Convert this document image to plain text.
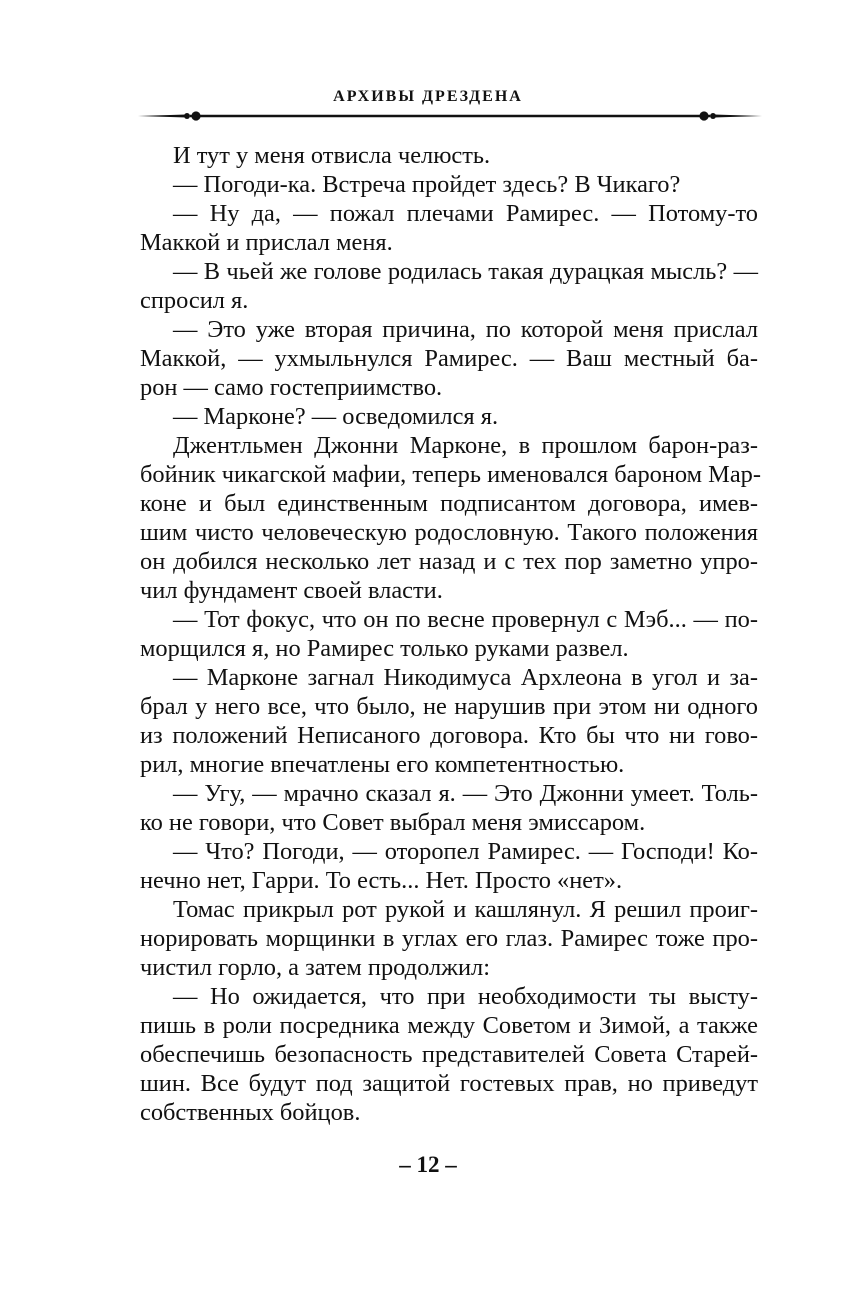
АРХИВЫ ДРЕЗДЕНА
И тут у меня отвисла челюсть.
— Погоди-ка. Встреча пройдет здесь? В Чикаго?
— Ну да, — пожал плечами Рамирес. — Потому-то
Маккой и прислал меня.
— В чьей же голове родилась такая дурацкая мысль? —
спросил я.
— Это уже вторая причина, по которой меня прислал
Маккой, — ухмыльнулся Рамирес. — Ваш местный ба-
рон — само гостеприимство.
— Марконе? — осведомился я.
Джентльмен Джонни Марконе, в прошлом барон-раз-
бойник чикагской мафии, теперь именовался бароном Мар-
коне и был единственным подписантом договора, имев-
шим чисто человеческую родословную. Такого положения
он добился несколько лет назад и с тех пор заметно упро-
чил фундамент своей власти.
— Тот фокус, что он по весне провернул с Мэб... — по-
морщился я, но Рамирес только руками развел.
— Марконе загнал Никодимуса Архлеона в угол и за-
брал у него все, что было, не нарушив при этом ни одного
из положений Неписаного договора. Кто бы что ни гово-
рил, многие впечатлены его компетентностью.
— Угу, — мрачно сказал я. — Это Джонни умеет. Толь-
ко не говори, что Совет выбрал меня эмиссаром.
— Что? Погоди, — оторопел Рамирес. — Господи! Ко-
нечно нет, Гарри. То есть... Нет. Просто «нет».
Томас прикрыл рот рукой и кашлянул. Я решил проиг-
норировать морщинки в углах его глаз. Рамирес тоже про-
чистил горло, а затем продолжил:
— Но ожидается, что при необходимости ты высту-
пишь в роли посредника между Советом и Зимой, а также
обеспечишь безопасность представителей Совета Старей-
шин. Все будут под защитой гостевых прав, но приведут
собственных бойцов.
– 12 –
